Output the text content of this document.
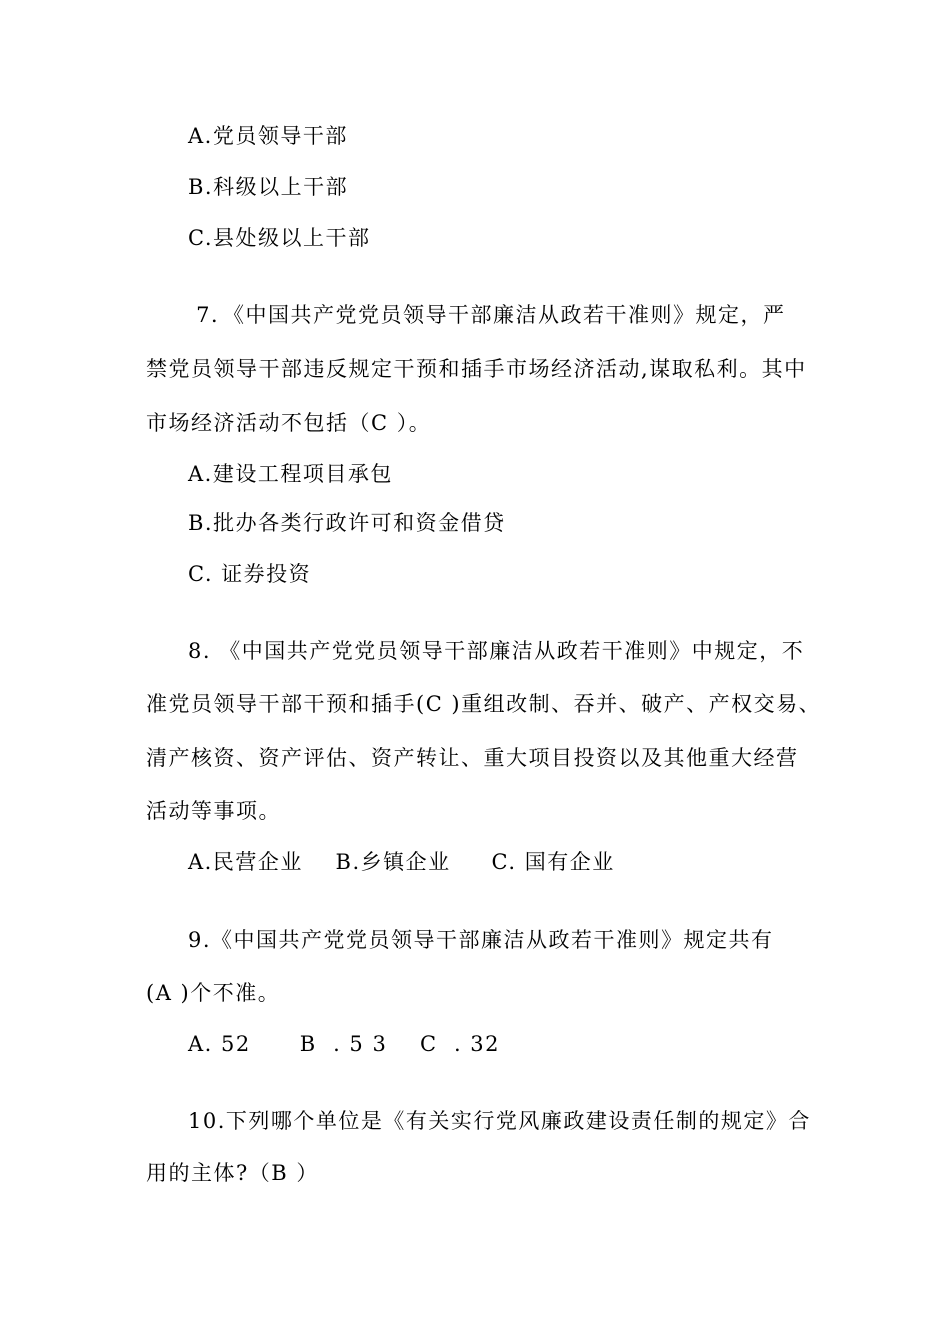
A.党员领导干部
B.科级以上干部
C.县处级以上干部
7．《中国共产党党员领导干部廉洁从政若干准则》规定，严
禁党员领导干部违反规定干预和插手市场经济活动,谋取私利。其中
市场经济活动不包括（C ）。
A.建设工程项目承包
B.批办各类行政许可和资金借贷
C. 证券投资
8. 《中国共产党党员领导干部廉洁从政若干准则》中规定，不
准党员领导干部干预和插手(C )重组改制、吞并、破产、产权交易、
清产核资、资产评估、资产转让、重大项目投资以及其他重大经营
活动等事项。
A.民营企业    B.乡镇企业     C. 国有企业
9.《中国共产党党员领导干部廉洁从政若干准则》规定共有
(A )个不准。
A. 52      B  . 5 3    C  . 32
10.下列哪个单位是《有关实行党风廉政建设责任制的规定》合
用的主体?（B ）
